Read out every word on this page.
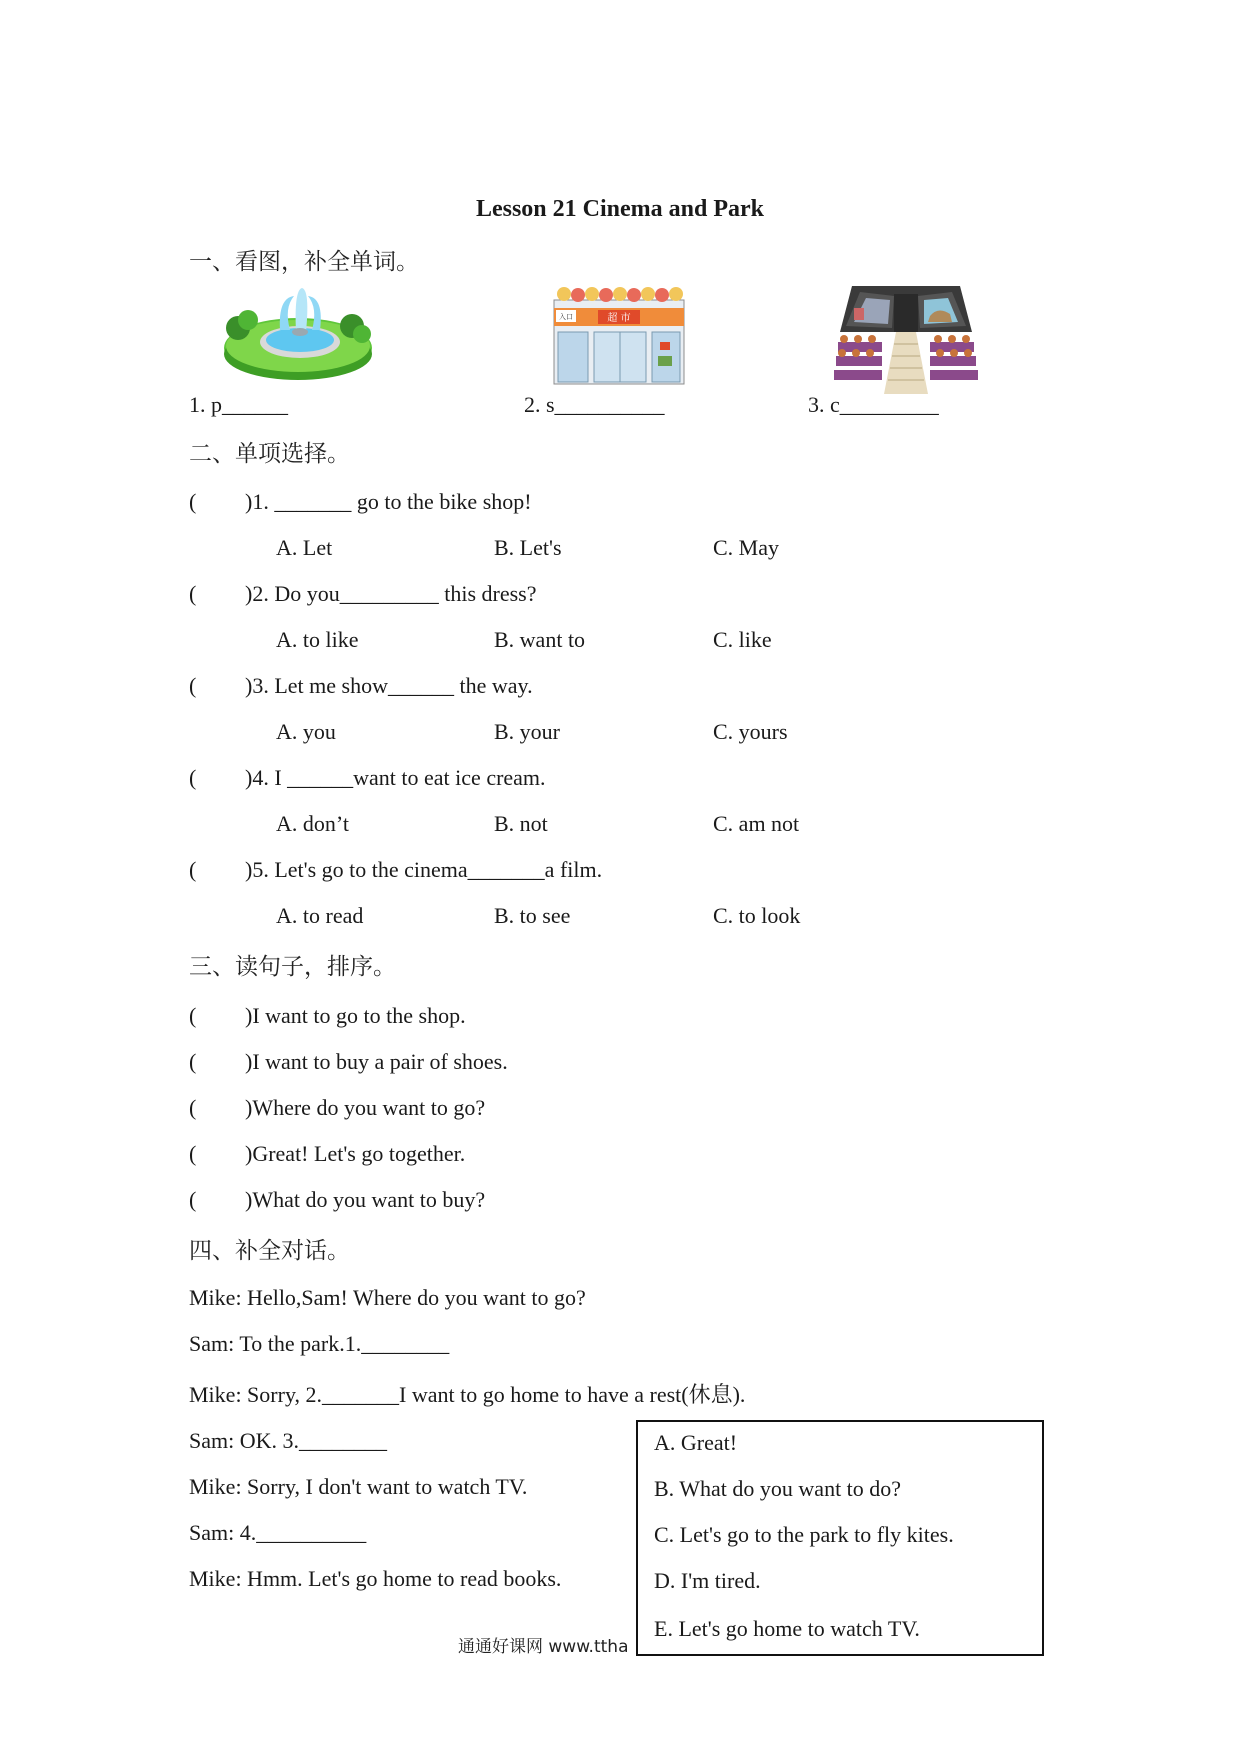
Lesson 21 Cinema and Park
一、看图，补全单词。
超 市
入口
1. p______	2. s__________	3. c_________
二、单项选择。
( )1. _______ go to the bike shop!
A. Let	B. Let's	C. May
( )2. Do you_________ this dress?
A. to like	B. want to	C. like
( )3. Let me show______ the way.
A. you	B. your	C. yours
( )4. I ______want to eat ice cream.
A. don’t	B. not	C. am not
( )5. Let's go to the cinema_______a film.
A. to read	B. to see	C. to look
三、读句子，排序。
( )I want to go to the shop.
( )I want to buy a pair of shoes.
( )Where do you want to go?
( )Great! Let's go together.
( )What do you want to buy?
四、补全对话。
Mike: Hello,Sam! Where do you want to go?
Sam: To the park.1.________
Mike: Sorry, 2._______I want to go home to have a rest(休息).
Sam: OK. 3.________
Mike: Sorry, I don't want to watch TV.
Sam: 4.__________
Mike: Hmm. Let's go home to read books.
通通好课网 www.ttha
A. Great!
B. What do you want to do?
C. Let's go to the park to fly kites.
D. I'm tired.
E. Let's go home to watch TV.
